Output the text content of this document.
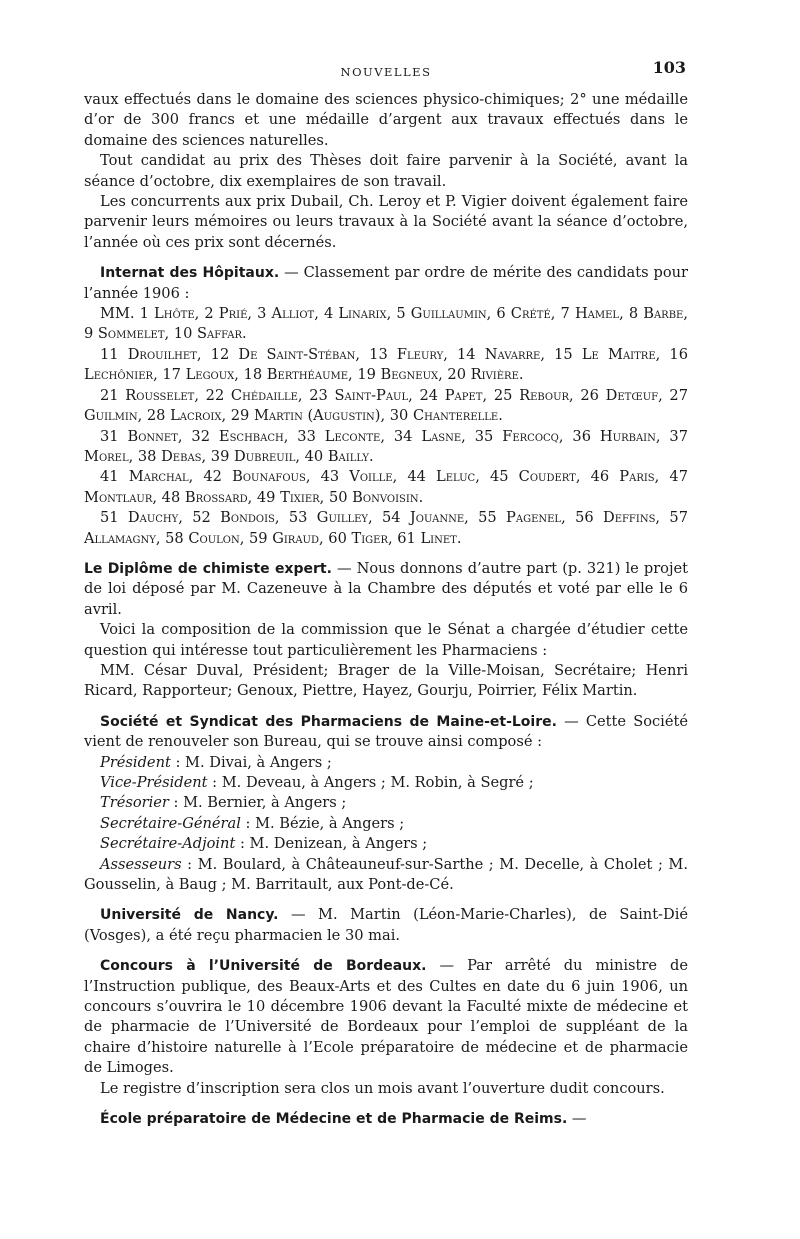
NOUVELLES	103

vaux effectués dans le domaine des sciences physico-chimiques; 2° une médaille d’or de 300 francs et une médaille d’argent aux travaux effectués dans le domaine des sciences naturelles.

Tout candidat au prix des Thèses doit faire parvenir à la Société, avant la séance d’octobre, dix exemplaires de son travail.

Les concurrents aux prix Dubail, Ch. Leroy et P. Vigier doivent également faire parvenir leurs mémoires ou leurs travaux à la Société avant la séance d’octobre, l’année où ces prix sont décernés.

Internat des Hôpitaux. — Classement par ordre de mérite des candidats pour l’année 1906 :

MM. 1 Lhôte, 2 Prié, 3 Alliot, 4 Linarix, 5 Guillaumin, 6 Crété, 7 Hamel, 8 Barbe, 9 Sommelet, 10 Saffar.

11 Drouilhet, 12 De Saint-Stéban, 13 Fleury, 14 Navarre, 15 Le Maitre, 16 Lechônier, 17 Legoux, 18 Berthéaume, 19 Begneux, 20 Rivière.

21 Rousselet, 22 Chédaille, 23 Saint-Paul, 24 Papet, 25 Rebour, 26 Detœuf, 27 Guilmin, 28 Lacroix, 29 Martin (Augustin), 30 Chanterelle.

31 Bonnet, 32 Eschbach, 33 Leconte, 34 Lasne, 35 Fercocq, 36 Hurbain, 37 Morel, 38 Debas, 39 Dubreuil, 40 Bailly.

41 Marchal, 42 Bounafous, 43 Voille, 44 Leluc, 45 Coudert, 46 Paris, 47 Montlaur, 48 Brossard, 49 Tixier, 50 Bonvoisin.

51 Dauchy, 52 Bondois, 53 Guilley, 54 Jouanne, 55 Pagenel, 56 Deffins, 57 Allamagny, 58 Coulon, 59 Giraud, 60 Tiger, 61 Linet.

Le Diplôme de chimiste expert. — Nous donnons d’autre part (p. 321) le projet de loi déposé par M. Cazeneuve à la Chambre des députés et voté par elle le 6 avril.

Voici la composition de la commission que le Sénat a chargée d’étudier cette question qui intéresse tout particulièrement les Pharmaciens :

MM. César Duval, Président; Brager de la Ville-Moisan, Secrétaire; Henri Ricard, Rapporteur; Genoux, Piettre, Hayez, Gourju, Poirrier, Félix Martin.

Société et Syndicat des Pharmaciens de Maine-et-Loire. — Cette Société vient de renouveler son Bureau, qui se trouve ainsi composé :

Président : M. Divai, à Angers ;

Vice-Président : M. Deveau, à Angers ; M. Robin, à Segré ;

Trésorier : M. Bernier, à Angers ;

Secrétaire-Général : M. Bézie, à Angers ;

Secrétaire-Adjoint : M. Denizean, à Angers ;

Assesseurs : M. Boulard, à Châteauneuf-sur-Sarthe ; M. Decelle, à Cholet ; M. Gousselin, à Baug ; M. Barritault, aux Pont-de-Cé.

Université de Nancy. — M. Martin (Léon-Marie-Charles), de Saint-Dié (Vosges), a été reçu pharmacien le 30 mai.

Concours à l’Université de Bordeaux. — Par arrêté du ministre de l’Instruction publique, des Beaux-Arts et des Cultes en date du 6 juin 1906, un concours s’ouvrira le 10 décembre 1906 devant la Faculté mixte de médecine et de pharmacie de l’Université de Bordeaux pour l’emploi de suppléant de la chaire d’histoire naturelle à l’Ecole préparatoire de médecine et de pharmacie de Limoges.

Le registre d’inscription sera clos un mois avant l’ouverture dudit concours.

École préparatoire de Médecine et de Pharmacie de Reims. —
